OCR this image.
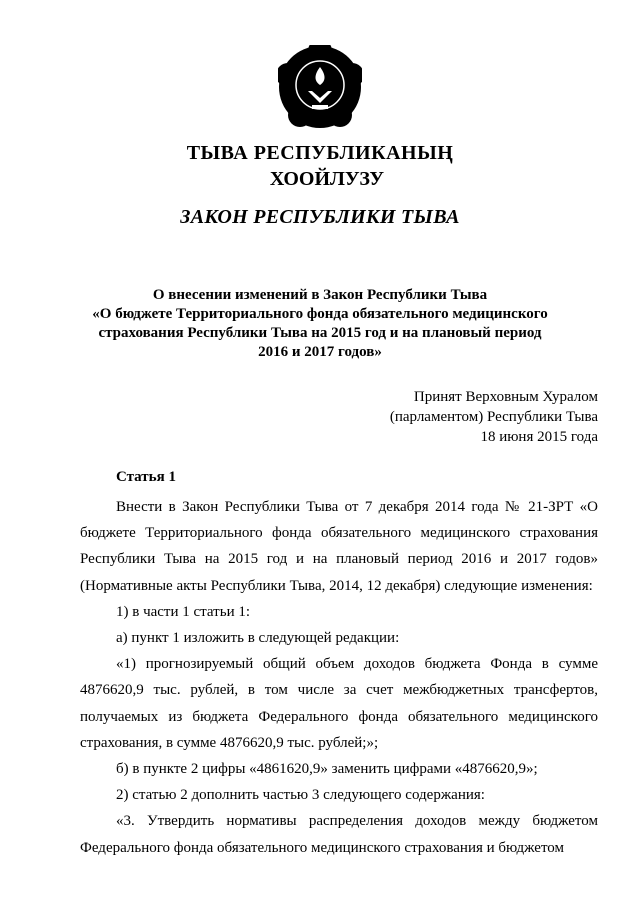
ТЫВА РЕСПУБЛИКАНЫҢ
ХООЙЛУЗУ
ЗАКОН РЕСПУБЛИКИ ТЫВА
О внесении изменений в Закон Республики Тыва
«О бюджете Территориального фонда обязательного медицинского
страхования Республики Тыва на 2015 год и на плановый период
2016 и 2017 годов»
Принят Верховным Хуралом
(парламентом) Республики Тыва
18 июня 2015 года
Статья 1

Внести в Закон Республики Тыва от 7 декабря 2014 года № 21-ЗРТ «О бюджете Территориального фонда обязательного медицинского страхования Республики Тыва на 2015 год и на плановый период 2016 и 2017 годов» (Нормативные акты Республики Тыва, 2014, 12 декабря) следующие изменения:

1) в части 1 статьи 1:

а) пункт 1 изложить в следующей редакции:

«1) прогнозируемый общий объем доходов бюджета Фонда в сумме 4876620,9 тыс. рублей, в том числе за счет межбюджетных трансфертов, получаемых из бюджета Федерального фонда обязательного медицинского страхования, в сумме 4876620,9 тыс. рублей;»;

б) в пункте 2 цифры «4861620,9» заменить цифрами «4876620,9»;

2) статью 2 дополнить частью 3 следующего содержания:

«3. Утвердить нормативы распределения доходов между бюджетом Федерального фонда обязательного медицинского страхования и бюджетом
